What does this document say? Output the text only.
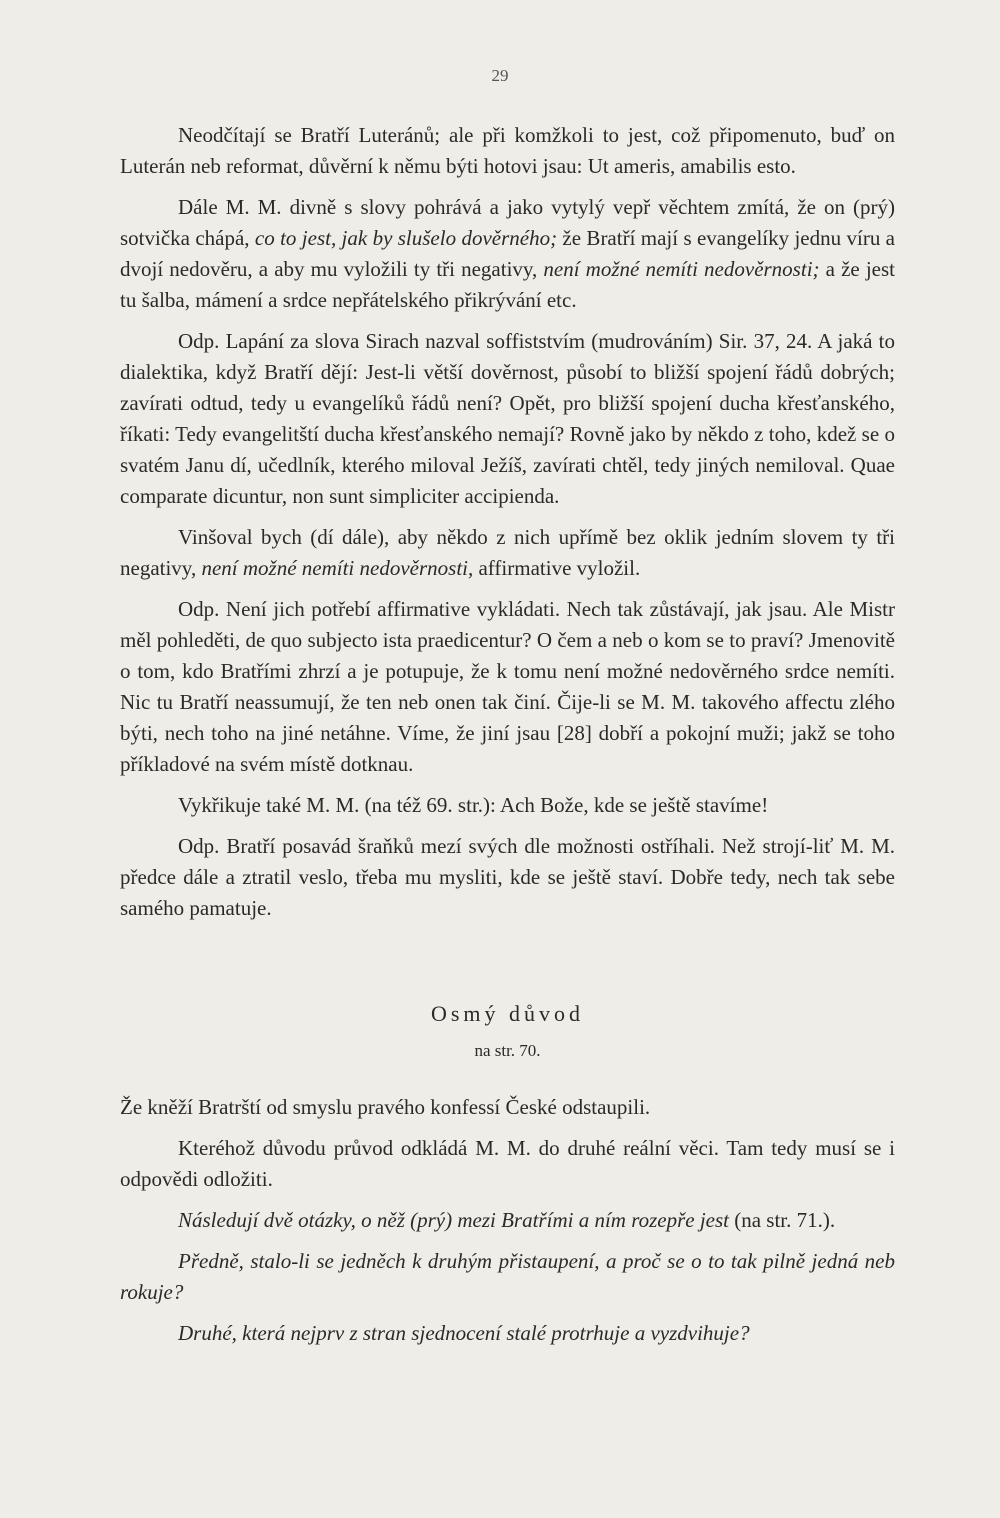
29

Neodčítají se Bratří Luteránů; ale při komžkoli to jest, což připomenuto, buď on Luterán neb reformat, důvěrní k němu býti hotovi jsau: Ut ameris, amabilis esto.

Dále M. M. divně s slovy pohrává a jako vytylý vepř věchtem zmítá, že on (prý) sotvička chápá, co to jest, jak by slušelo dověrného; že Bratří mají s evangelíky jednu víru a dvojí nedověru, a aby mu vyložili ty tři negativy, není možné nemíti nedověrnosti; a že jest tu šalba, mámení a srdce nepřátelského přikrývání etc.

Odp. Lapání za slova Sirach nazval soffiststvím (mudrováním) Sir. 37, 24. A jaká to dialektika, když Bratří dějí: Jest-li větší dověrnost, působí to bližší spojení řádů dobrých; zavírati odtud, tedy u evangelíků řádů není? Opět, pro bližší spojení ducha křesťanského, říkati: Tedy evangelitští ducha křesťanského nemají? Rovně jako by někdo z toho, kdež se o svatém Janu dí, učedlník, kterého miloval Ježíš, zavírati chtěl, tedy jiných nemiloval. Quae comparate dicuntur, non sunt simpliciter accipienda.

Vinšoval bych (dí dále), aby někdo z nich upřímě bez oklik jedním slovem ty tři negativy, není možné nemíti nedověrnosti, affirmative vyložil.

Odp. Není jich potřebí affirmative vykládati. Nech tak zůstávají, jak jsau. Ale Mistr měl pohleděti, de quo subjecto ista praedicentur? O čem a neb o kom se to praví? Jmenovitě o tom, kdo Bratřími zhrzí a je potupuje, že k tomu není možné nedověrného srdce nemíti. Nic tu Bratří neassumují, že ten neb onen tak činí. Čije-li se M. M. takového affectu zlého býti, nech toho na jiné netáhne. Víme, že jiní jsau [28] dobří a pokojní muži; jakž se toho příkladové na svém místě dotknau.

Vykřikuje také M. M. (na též 69. str.): Ach Bože, kde se ještě stavíme!

Odp. Bratří posavád šraňků mezí svých dle možnosti ostříhali. Než strojí-liť M. M. předce dále a ztratil veslo, třeba mu mysliti, kde se ještě staví. Dobře tedy, nech tak sebe samého pamatuje.

Osmý důvod
na str. 70.

Že kněží Bratrští od smyslu pravého konfessí České odstaupili.

Kteréhož důvodu průvod odkládá M. M. do druhé reální věci. Tam tedy musí se i odpovědi odložiti.

Následují dvě otázky, o něž (prý) mezi Bratřími a ním rozepře jest (na str. 71.).

Předně, stalo-li se jedněch k druhým přistaupení, a proč se o to tak pilně jedná neb rokuje?

Druhé, která nejprv z stran sjednocení stalé protrhuje a vyzdvihuje?
